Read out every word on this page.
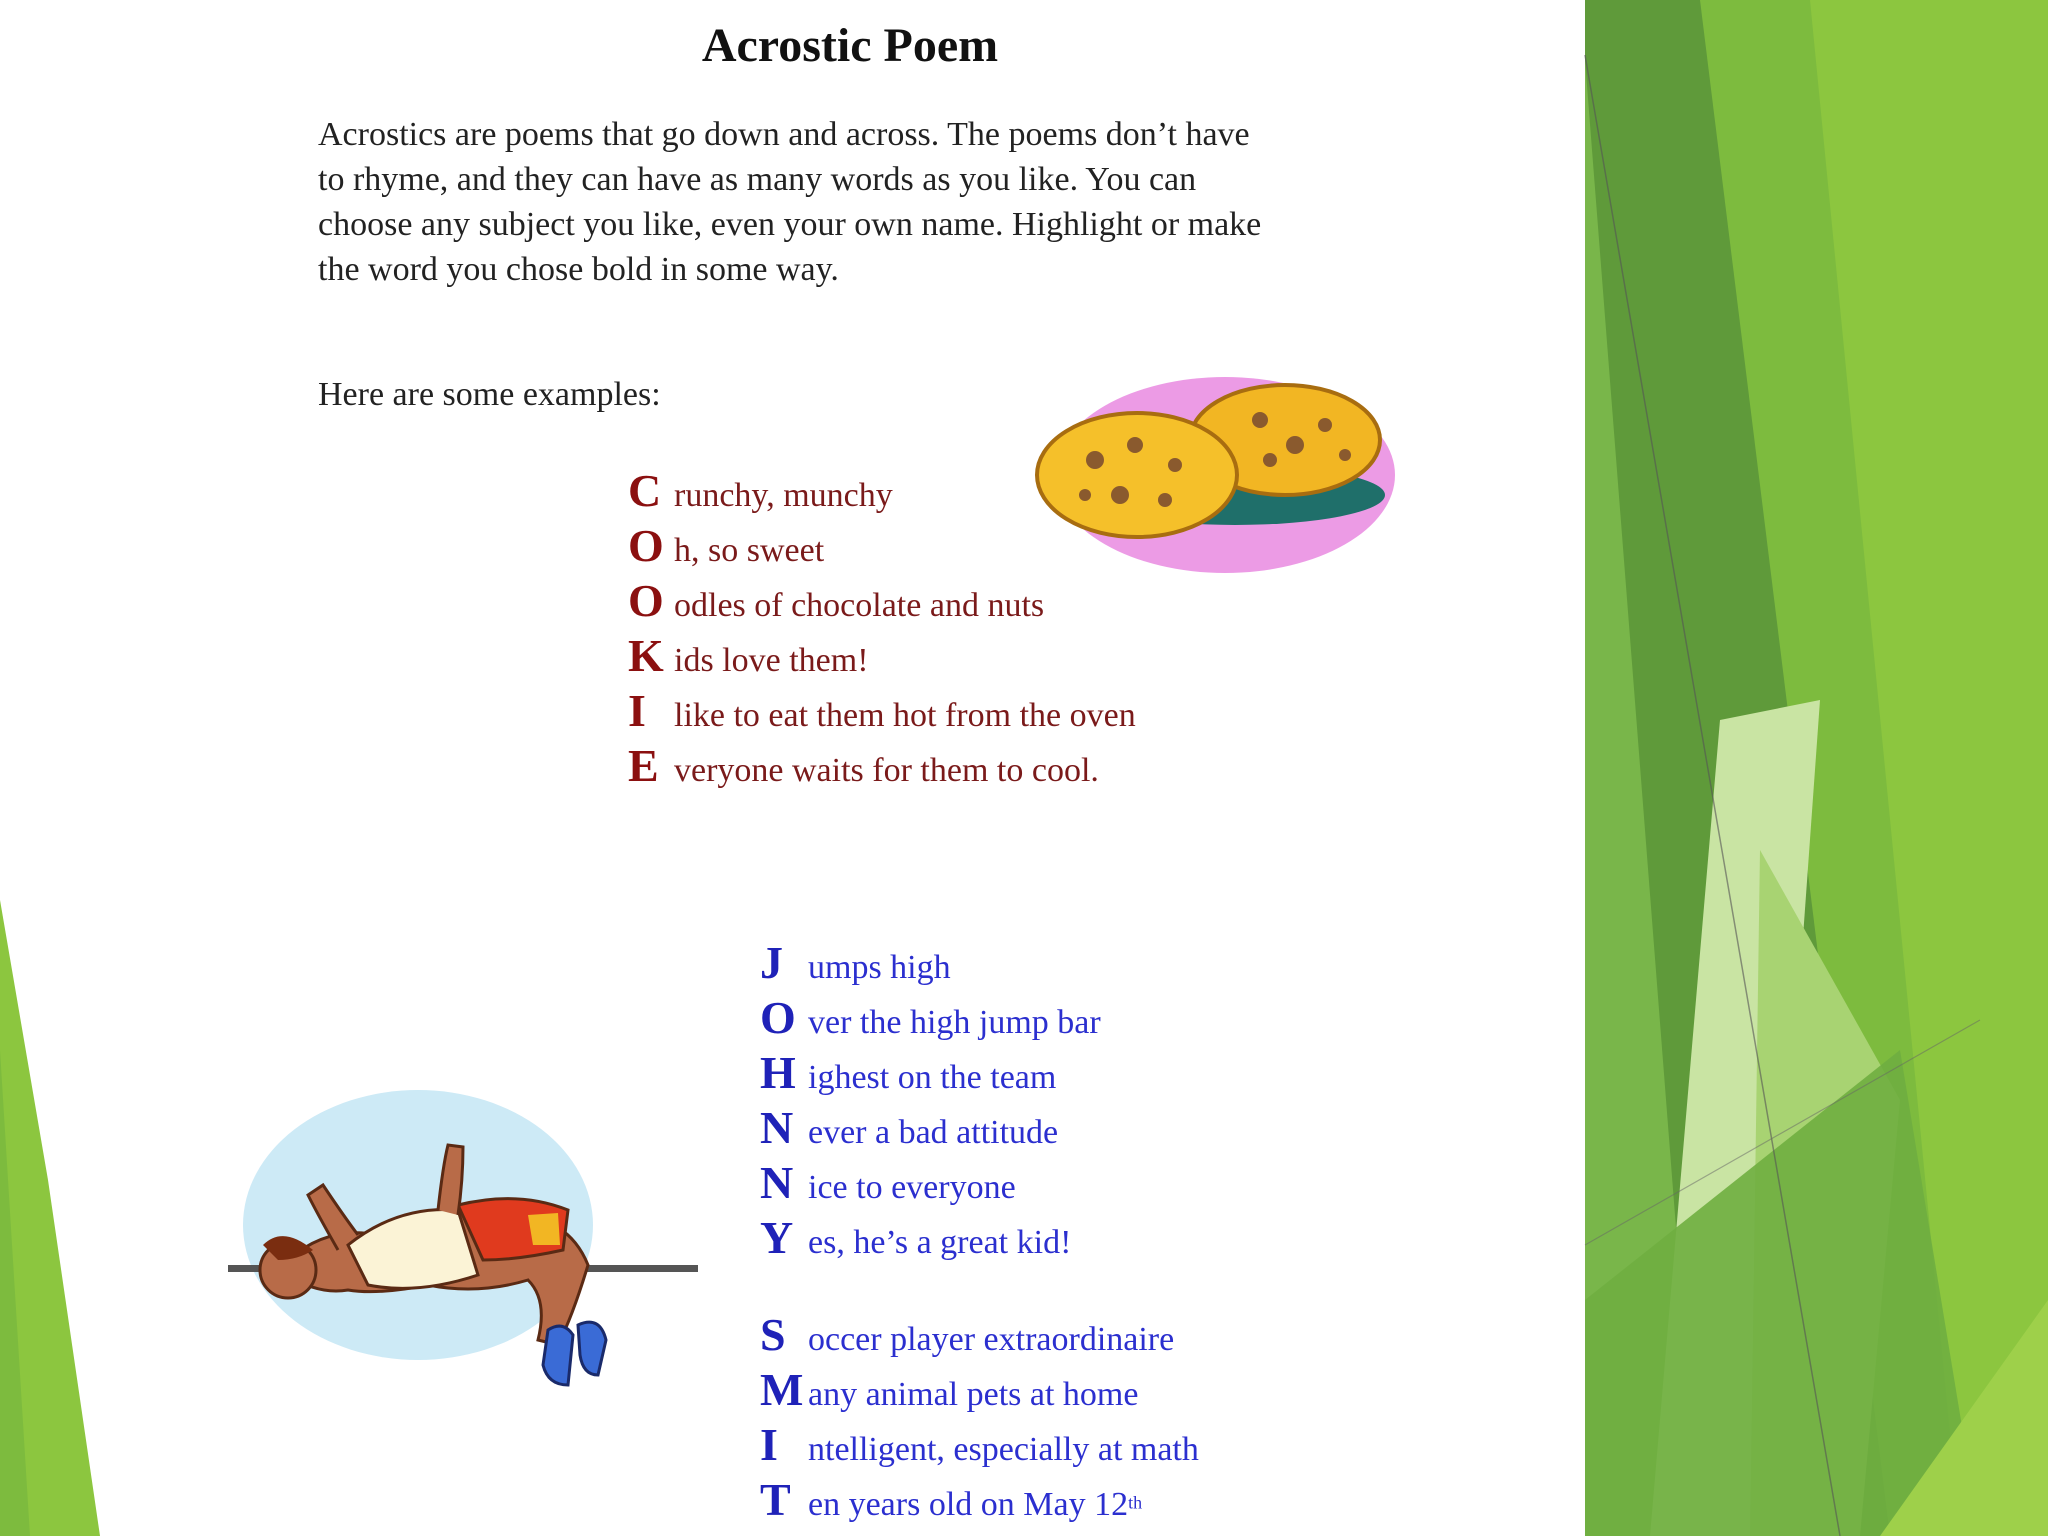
Acrostic Poem
Acrostics are poems that go down and across. The poems don’t have
to rhyme, and they can have as many words as you like. You can
choose any subject you like, even your own name. Highlight or make
the word you chose bold in some way.
Here are some examples:
C runchy, munchy
O h, so sweet
O odles of chocolate and nuts
K ids love them!
I like to eat them hot from the oven
E veryone waits for them to cool.
J umps high
O ver the high jump bar
H ighest on the team
N ever a bad attitude
N ice to everyone
Y es, he’s a great kid!
S occer player extraordinaire
M any animal pets at home
I ntelligent, especially at math
T en years old on May 12th
